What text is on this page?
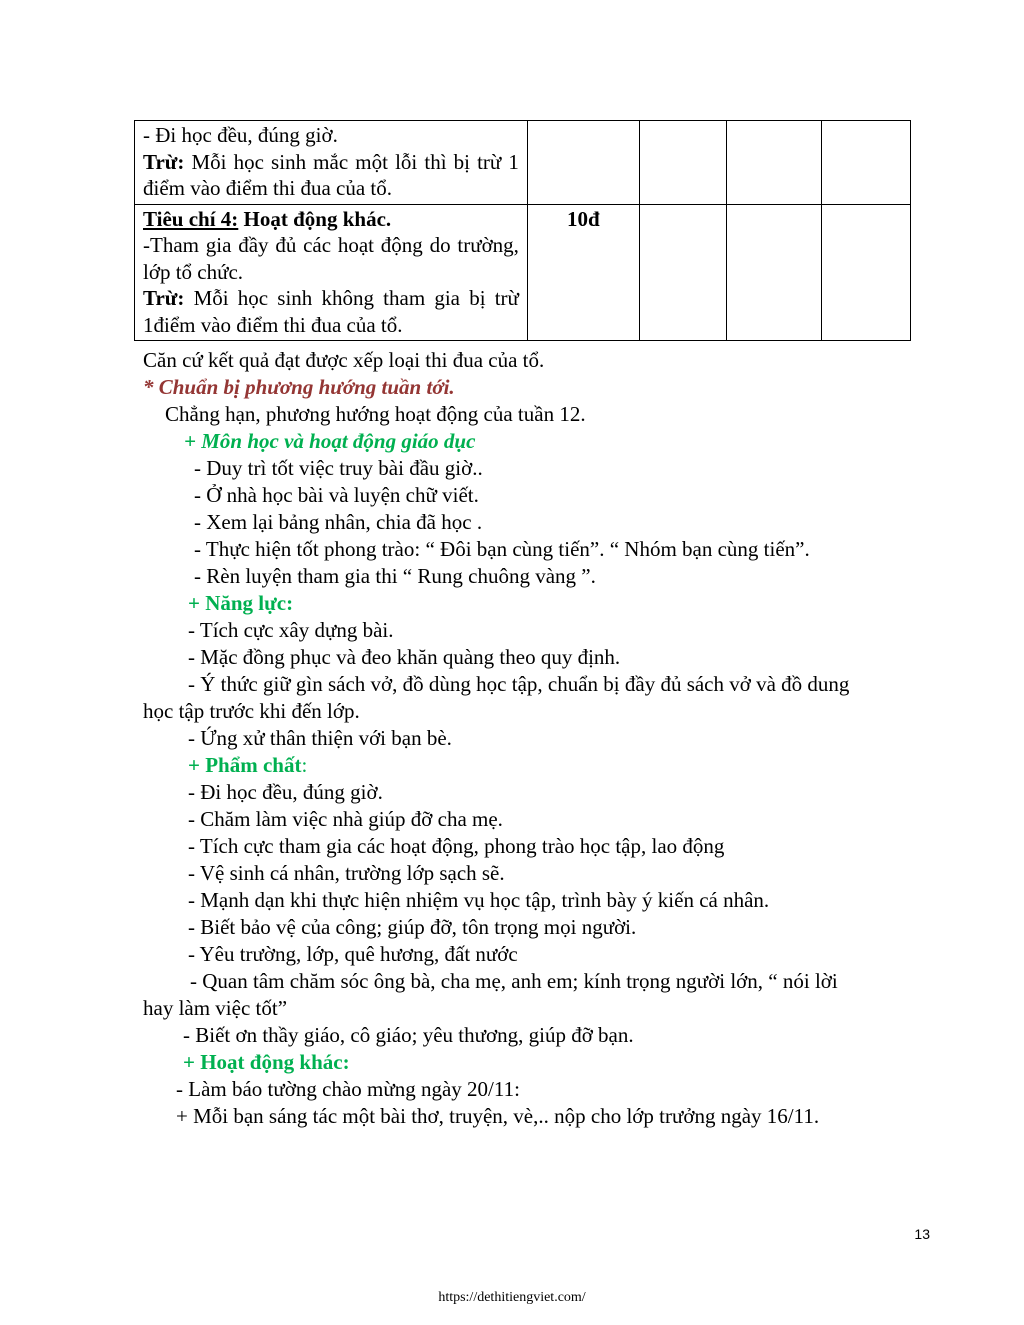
- Đi học đều, đúng giờ.
Trừ: Mỗi học sinh mắc một lỗi thì bị trừ 1 điểm vào điểm thi đua của tổ.				

Tiêu chí 4: Hoạt động khác.
-Tham gia đầy đủ các hoạt động do trường, lớp tổ chức.
Trừ: Mỗi học sinh không tham gia bị trừ 1điểm vào điểm thi đua của tổ.	10đ			
Căn cứ kết quả đạt được xếp loại thi đua của tổ.
* Chuẩn bị phương hướng tuần tới.
Chẳng hạn, phương hướng hoạt động của tuần 12.
+ Môn học và hoạt động giáo dục
- Duy trì tốt việc truy bài đầu giờ..
- Ở nhà học bài và luyện chữ viết.
- Xem lại bảng nhân, chia đã học .
- Thực hiện tốt phong trào: “ Đôi bạn cùng tiến”. “ Nhóm bạn cùng tiến”.
- Rèn luyện tham gia thi “ Rung chuông vàng ”.
+ Năng lực:
- Tích cực xây dựng bài.
- Mặc đồng phục và đeo khăn quàng theo quy định.
- Ý thức giữ gìn sách vở, đồ dùng học tập, chuẩn bị đầy đủ sách vở và đồ dung
học tập trước khi đến lớp.
- Ứng xử thân thiện với bạn bè.
+ Phẩm chất:
- Đi học đều, đúng giờ.
- Chăm làm việc nhà giúp đỡ cha mẹ.
- Tích cực tham gia các hoạt động, phong trào học tập, lao động
- Vệ sinh cá nhân, trường lớp sạch sẽ.
- Mạnh dạn khi thực hiện nhiệm vụ học tập, trình bày ý kiến cá nhân.
- Biết bảo vệ của công; giúp đỡ, tôn trọng mọi người.
- Yêu trường, lớp, quê hương, đất nước
- Quan tâm chăm sóc ông bà, cha mẹ, anh em; kính trọng người lớn, “ nói lời
hay làm việc tốt”
- Biết ơn thầy giáo, cô giáo; yêu thương, giúp đỡ bạn.
+ Hoạt động khác:
- Làm báo tường chào mừng ngày 20/11:
+ Mỗi bạn sáng tác một bài thơ, truyện, vè,.. nộp cho lớp trưởng ngày 16/11.
13
https://dethitiengviet.com/
